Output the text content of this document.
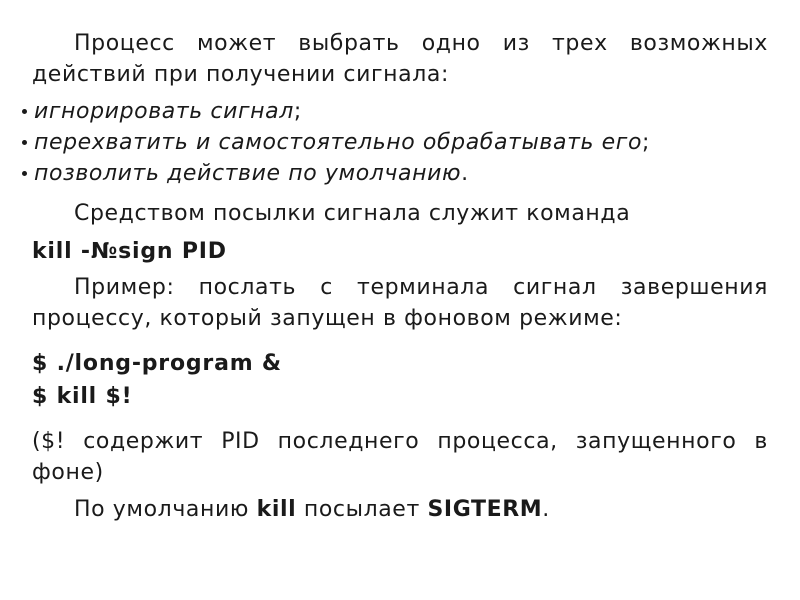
Процесс может выбрать одно из трех возможных действий при получении сигнала:

игнорировать сигнал;
перехватить и самостоятельно обрабатывать его;
позволить действие по умолчанию.

Средством посылки сигнала служит команда

kill -№sign PID

Пример: послать с терминала сигнал завершения процессу, который запущен в фоновом режиме:

$ ./long-program &

$ kill $!

($! содержит PID последнего процесса, запущенного в фоне)

По умолчанию kill посылает SIGTERM.
